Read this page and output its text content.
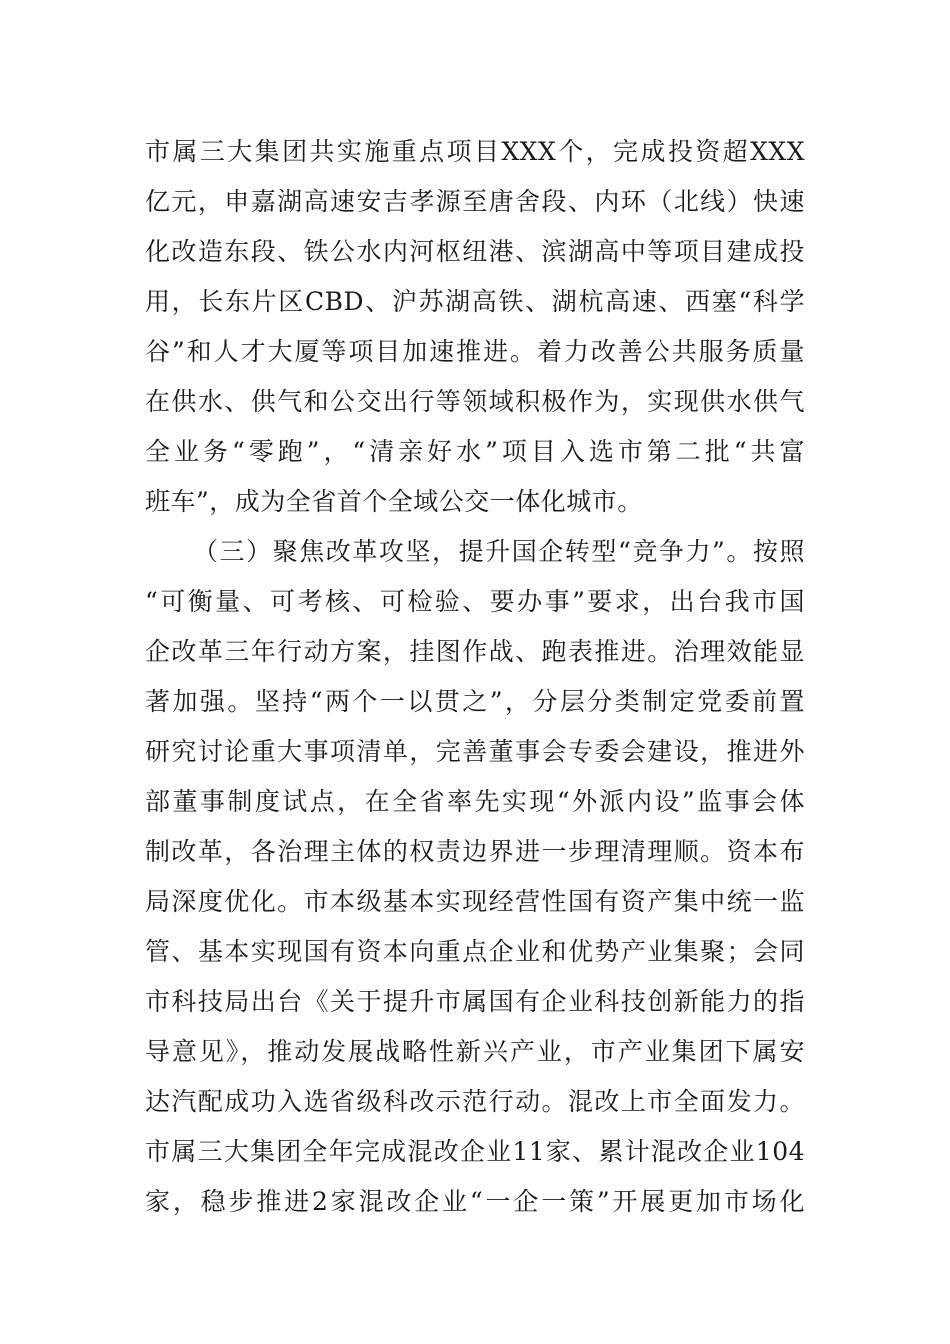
市属三大集团共实施重点项目XXX个，完成投资超XXX
亿元，申嘉湖高速安吉孝源至唐舍段、内环（北线）快速
化改造东段、铁公水内河枢纽港、滨湖高中等项目建成投
用，长东片区CBD、沪苏湖高铁、湖杭高速、西塞“科学
谷”和人才大厦等项目加速推进。着力改善公共服务质量
在供水、供气和公交出行等领域积极作为，实现供水供气
全业务“零跑”，“清亲好水”项目入选市第二批“共富
班车”，成为全省首个全域公交一体化城市。
（三）聚焦改革攻坚，提升国企转型“竞争力”。按照
“可衡量、可考核、可检验、要办事”要求，出台我市国
企改革三年行动方案，挂图作战、跑表推进。治理效能显
著加强。坚持“两个一以贯之”，分层分类制定党委前置
研究讨论重大事项清单，完善董事会专委会建设，推进外
部董事制度试点，在全省率先实现“外派内设”监事会体
制改革，各治理主体的权责边界进一步理清理顺。资本布
局深度优化。市本级基本实现经营性国有资产集中统一监
管、基本实现国有资本向重点企业和优势产业集聚；会同
市科技局出台《关于提升市属国有企业科技创新能力的指
导意见》，推动发展战略性新兴产业，市产业集团下属安
达汽配成功入选省级科改示范行动。混改上市全面发力。
市属三大集团全年完成混改企业11家、累计混改企业104
家，稳步推进2家混改企业“一企一策”开展更加市场化
